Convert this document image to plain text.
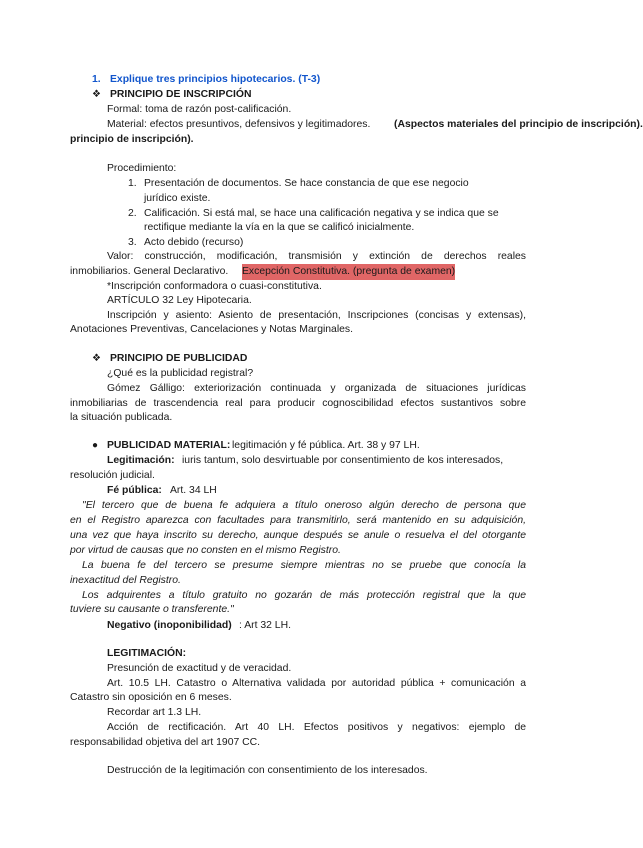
1. Explique tres principios hipotecarios. (T-3)
❖ PRINCIPIO DE INSCRIPCIÓN
Formal: toma de razón post-calificación.
Material: efectos presuntivos, defensivos y legitimadores. (Aspectos materiales del principio de inscripción).
principio de inscripción).
Procedimiento:
1. Presentación de documentos. Se hace constancia de que ese negocio
jurídico existe.
2. Calificación. Si está mal, se hace una calificación negativa y se indica que se
rectifique mediante la vía en la que se calificó inicialmente.
3. Acto debido (recurso)
Valor: construcción, modificación, transmisión y extinción de derechos reales
inmobiliarios. General Declarativo. Excepción Constitutiva. (pregunta de examen)
*Inscripción conformadora o cuasi-constitutiva.
ARTÍCULO 32 Ley Hipotecaria.
Inscripción y asiento: Asiento de presentación, Inscripciones (concisas y extensas),
Anotaciones Preventivas, Cancelaciones y Notas Marginales.
❖ PRINCIPIO DE PUBLICIDAD
¿Qué es la publicidad registral?
Gómez Gálligo: exteriorización continuada y organizada de situaciones jurídicas
inmobiliarias de trascendencia real para producir cognoscibilidad efectos sustantivos sobre
la situación publicada.
● PUBLICIDAD MATERIAL: legitimación y fé pública. Art. 38 y 97 LH.
Legitimación: iuris tantum, solo desvirtuable por consentimiento de kos interesados,
resolución judicial.
Fé pública: Art. 34 LH
"El tercero que de buena fe adquiera a título oneroso algún derecho de persona que
en el Registro aparezca con facultades para transmitirlo, será mantenido en su adquisición,
una vez que haya inscrito su derecho, aunque después se anule o resuelva el del otorgante
por virtud de causas que no consten en el mismo Registro.
La buena fe del tercero se presume siempre mientras no se pruebe que conocía la
inexactitud del Registro.
Los adquirentes a título gratuito no gozarán de más protección registral que la que
tuviere su causante o transferente."
Negativo (inoponibilidad) : Art 32 LH.
LEGITIMACIÓN:
Presunción de exactitud y de veracidad.
Art. 10.5 LH. Catastro o Alternativa validada por autoridad pública + comunicación a
Catastro sin oposición en 6 meses.
Recordar art 1.3 LH.
Acción de rectificación. Art 40 LH. Efectos positivos y negativos: ejemplo de
responsabilidad objetiva del art 1907 CC.
Destrucción de la legitimación con consentimiento de los interesados.
